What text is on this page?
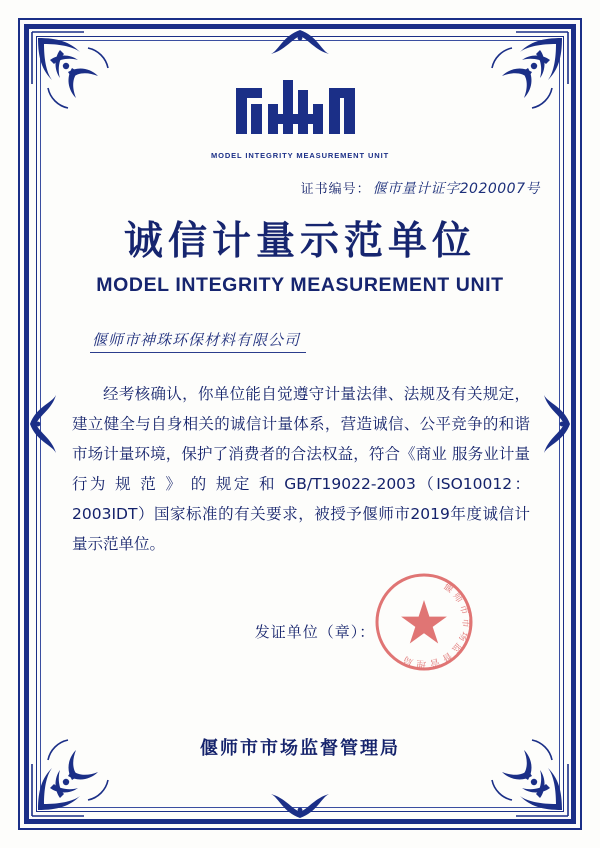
MODEL INTEGRITY MEASUREMENT UNIT
证书编号： 偃市量计证字2020007号
诚信计量示范单位
MODEL INTEGRITY MEASUREMENT UNIT
偃师市神珠环保材料有限公司

经考核确认，你单位能自觉遵守计量法律、法规及有关规定，建立健全与自身相关的诚信计量体系，营造诚信、公平竞争的和谐市场计量环境，保护了消费者的合法权益，符合《商业 服务业计量行为 规 范 》 的 规定 和 GB/T19022-2003（ISO10012：2003IDT）国家标准的有关要求，被授予偃师市2019年度诚信计量示范单位。

发证单位（章）：
偃师市市场监督管理局
偃师市市场监督管理局
